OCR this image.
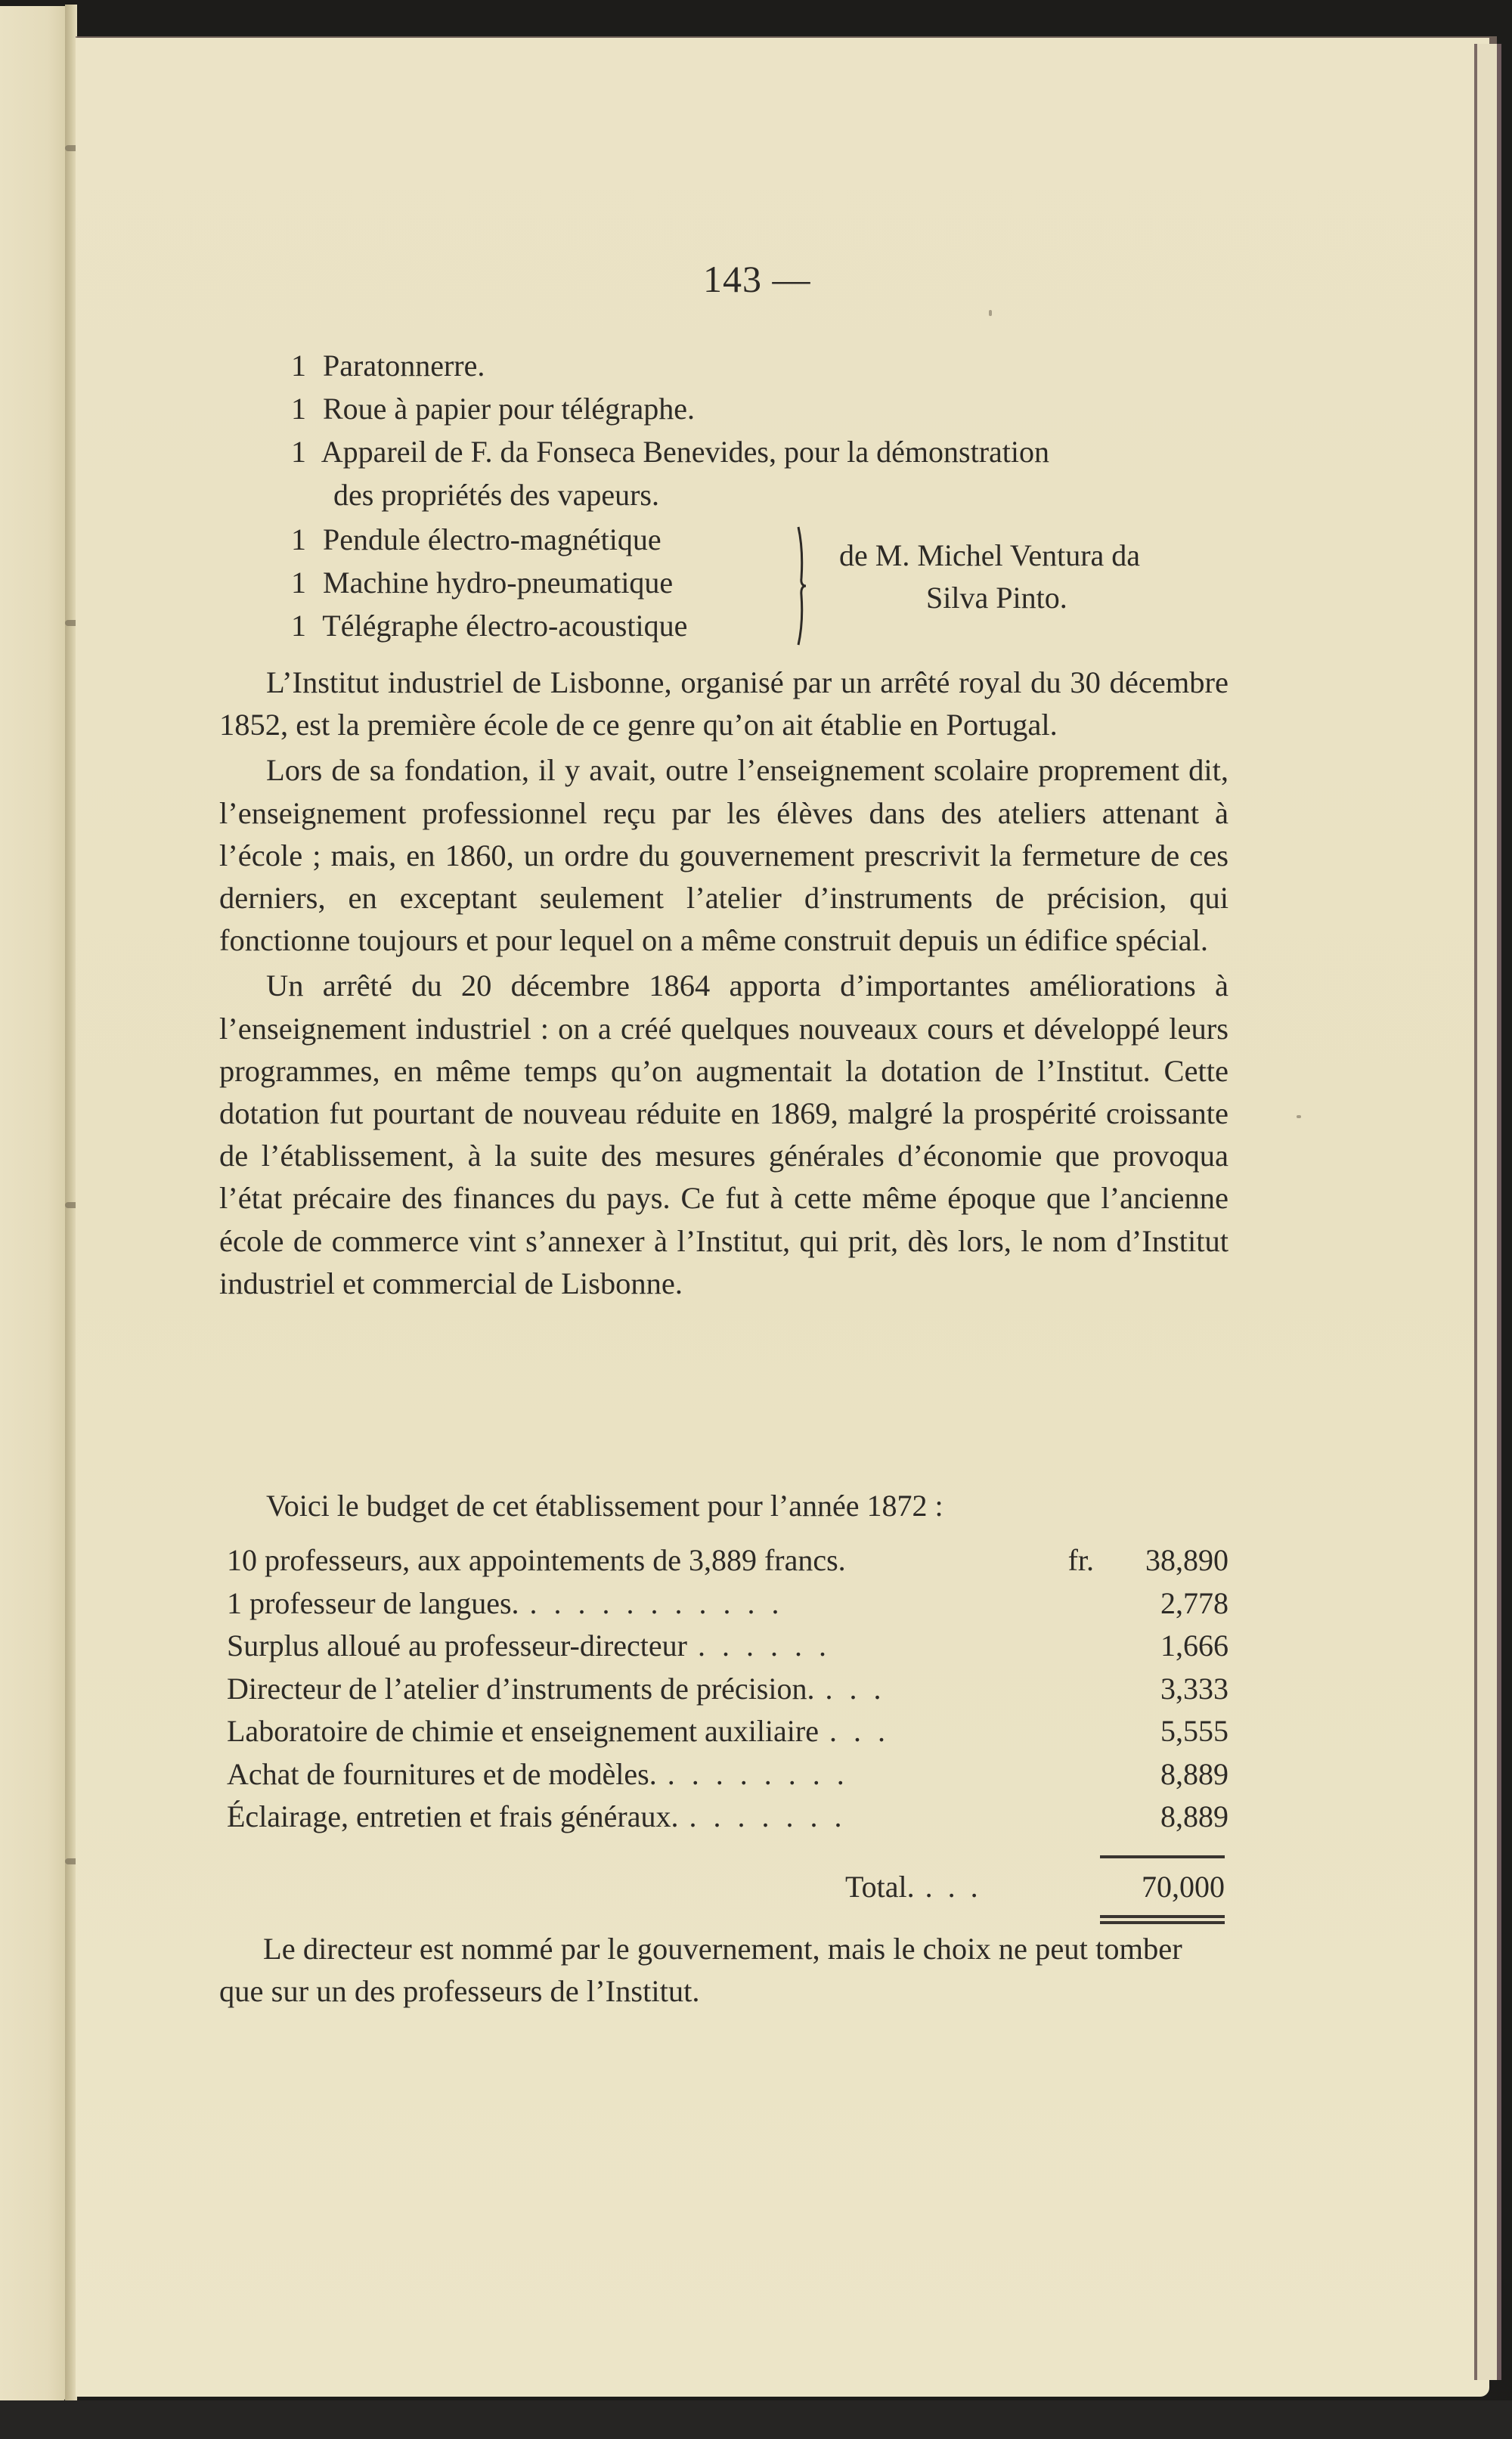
143 —
1 Paratonnerre.
1 Roue à papier pour télégraphe.
1 Appareil de F. da Fonseca Benevides, pour la démonstration
des propriétés des vapeurs.
1 Pendule électro-magnétique
1 Machine hydro-pneumatique
1 Télégraphe électro-acoustique
de M. Michel Ventura da
Silva Pinto.

L’Institut industriel de Lisbonne, organisé par un arrêté royal du 30 décembre 1852, est la première école de ce genre qu’on ait établie en Portugal.

Lors de sa fondation, il y avait, outre l’enseignement scolaire proprement dit, l’enseignement professionnel reçu par les élèves dans des ateliers attenant à l’école ; mais, en 1860, un ordre du gouvernement prescrivit la fermeture de ces derniers, en exceptant seulement l’atelier d’instruments de précision, qui fonctionne toujours et pour lequel on a même construit depuis un édifice spécial.

Un arrêté du 20 décembre 1864 apporta d’importantes améliorations à l’enseignement industriel : on a créé quelques nouveaux cours et développé leurs programmes, en même temps qu’on augmentait la dotation de l’Institut. Cette dotation fut pourtant de nouveau réduite en 1869, malgré la prospérité croissante de l’établissement, à la suite des mesures générales d’économie que provoqua l’état précaire des finances du pays. Ce fut à cette même époque que l’ancienne école de commerce vint s’annexer à l’Institut, qui prit, dès lors, le nom d’Institut industriel et commercial de Lisbonne.

Voici le budget de cet établissement pour l’année 1872 :
10 professeurs, aux appointements de 3,889 francs.	fr.	38,890
1 professeur de langues. ...........	2,778
Surplus alloué au professeur-directeur ......	1,666
Directeur de l’atelier d’instruments de précision. ...	3,333
Laboratoire de chimie et enseignement auxiliaire ...	5,555
Achat de fournitures et de modèles. ........	8,889
Éclairage, entretien et frais généraux. .......	8,889
Total. ...	70,000

Le directeur est nommé par le gouvernement, mais le choix ne peut tomber que sur un des professeurs de l’Institut.
